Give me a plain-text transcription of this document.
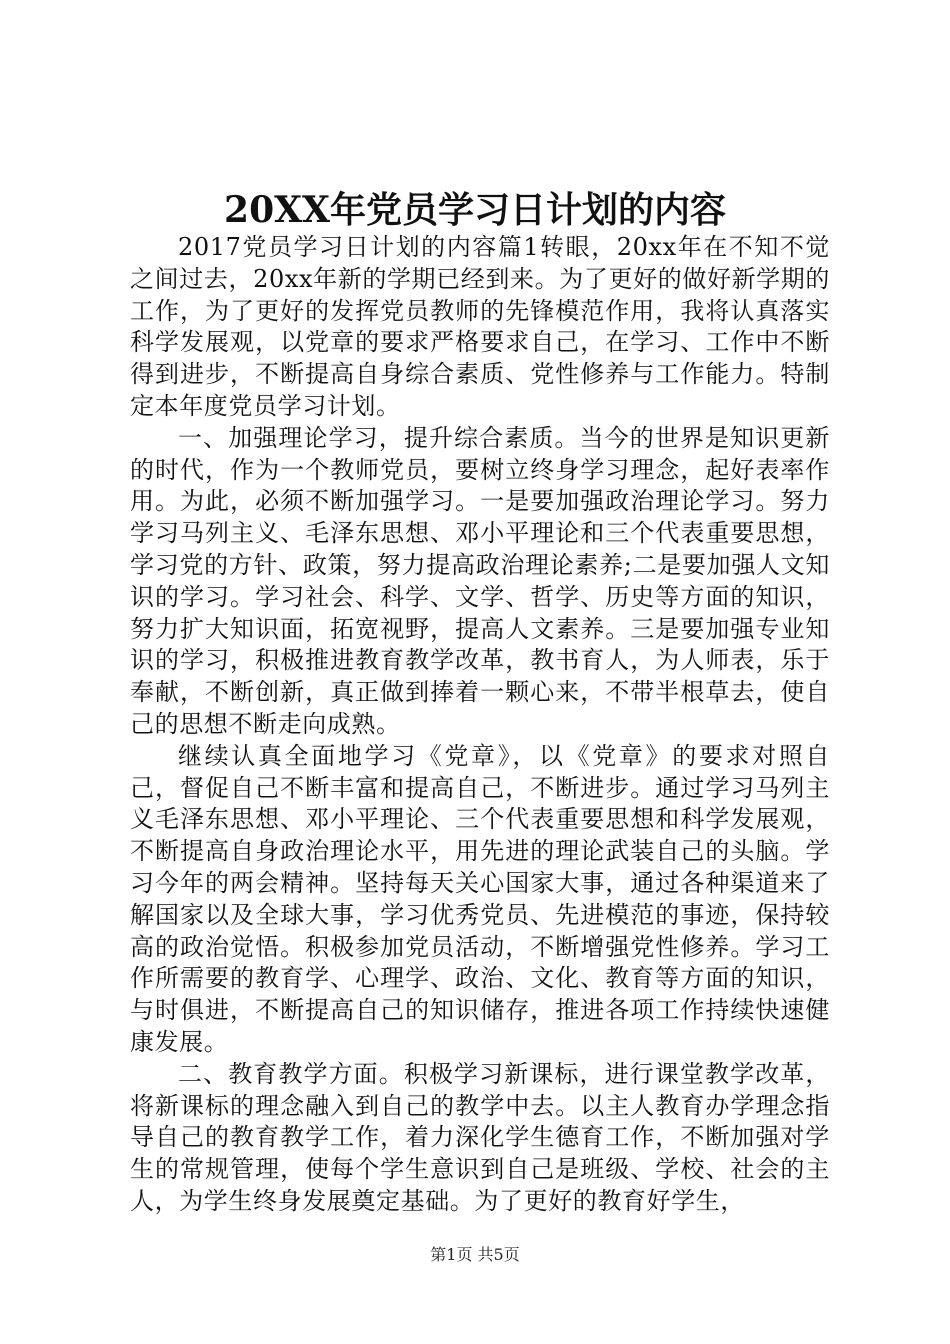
20XX年党员学习日计划的内容

2017党员学习日计划的内容篇1转眼，20xx年在不知不觉之间过去，20xx年新的学期已经到来。为了更好的做好新学期的工作，为了更好的发挥党员教师的先锋模范作用，我将认真落实科学发展观，以党章的要求严格要求自己，在学习、工作中不断得到进步，不断提高自身综合素质、党性修养与工作能力。特制定本年度党员学习计划。

一、加强理论学习，提升综合素质。当今的世界是知识更新的时代，作为一个教师党员，要树立终身学习理念，起好表率作用。为此，必须不断加强学习。一是要加强政治理论学习。努力学习马列主义、毛泽东思想、邓小平理论和三个代表重要思想，学习党的方针、政策，努力提高政治理论素养;二是要加强人文知识的学习。学习社会、科学、文学、哲学、历史等方面的知识，努力扩大知识面，拓宽视野，提高人文素养。三是要加强专业知识的学习，积极推进教育教学改革，教书育人，为人师表，乐于奉献，不断创新，真正做到捧着一颗心来，不带半根草去，使自己的思想不断走向成熟。

继续认真全面地学习《党章》，以《党章》的要求对照自己，督促自己不断丰富和提高自己，不断进步。通过学习马列主义毛泽东思想、邓小平理论、三个代表重要思想和科学发展观，不断提高自身政治理论水平，用先进的理论武装自己的头脑。学习今年的两会精神。坚持每天关心国家大事，通过各种渠道来了解国家以及全球大事，学习优秀党员、先进模范的事迹，保持较高的政治觉悟。积极参加党员活动，不断增强党性修养。学习工作所需要的教育学、心理学、政治、文化、教育等方面的知识，与时俱进，不断提高自己的知识储存，推进各项工作持续快速健康发展。

二、教育教学方面。积极学习新课标，进行课堂教学改革，将新课标的理念融入到自己的教学中去。以主人教育办学理念指导自己的教育教学工作，着力深化学生德育工作，不断加强对学生的常规管理，使每个学生意识到自己是班级、学校、社会的主人，为学生终身发展奠定基础。为了更好的教育好学生，

第1页 共5页
